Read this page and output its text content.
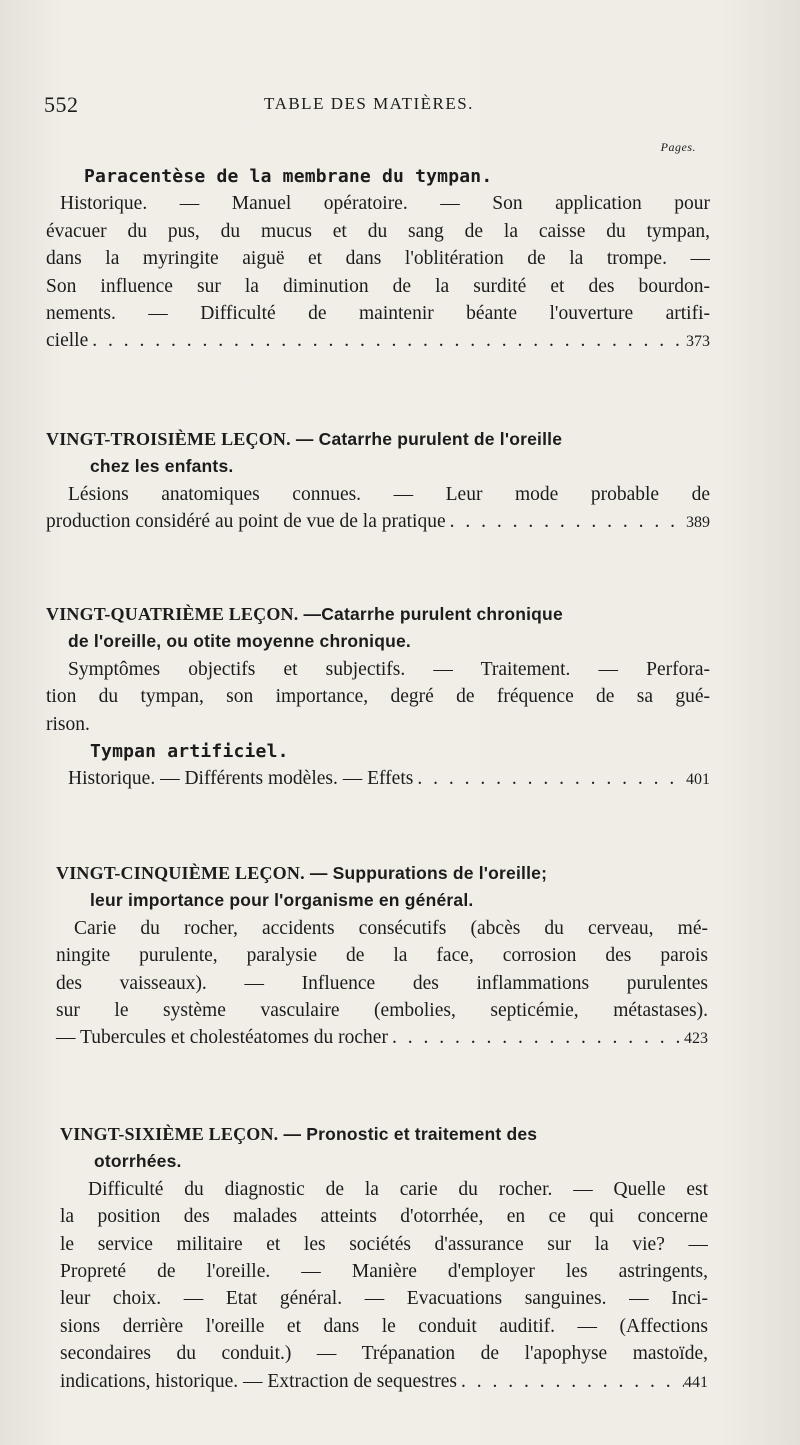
552	TABLE DES MATIÈRES.
Pages.
Paracentèse de la membrane du tympan.
Historique. — Manuel opératoire. — Son application pour
évacuer du pus, du mucus et du sang de la caisse du tympan,
dans la myringite aiguë et dans l'oblitération de la trompe. —
Son influence sur la diminution de la surdité et des bourdon-
nements. — Difficulté de maintenir béante l'ouverture artifi-
cielle . . .	373
VINGT-TROISIÈME LEÇON. — Catarrhe purulent de l'oreille
chez les enfants.
Lésions anatomiques connues. — Leur mode probable de
production considéré au point de vue de la pratique . . .	389
VINGT-QUATRIÈME LEÇON. —Catarrhe purulent chronique
de l'oreille, ou otite moyenne chronique.
Symptômes objectifs et subjectifs. — Traitement. — Perfora-
tion du tympan, son importance, degré de fréquence de sa gué-
rison.
Tympan artificiel.
Historique. — Différents modèles. — Effets . . .	401
VINGT-CINQUIÈME LEÇON. — Suppurations de l'oreille;
leur importance pour l'organisme en général.
Carie du rocher, accidents consécutifs (abcès du cerveau, mé-
ningite purulente, paralysie de la face, corrosion des parois
des vaisseaux). — Influence des inflammations purulentes
sur le système vasculaire (embolies, septicémie, métastases).
— Tubercules et cholestéatomes du rocher . . .	423
VINGT-SIXIÈME LEÇON. — Pronostic et traitement des
otorrhées.
Difficulté du diagnostic de la carie du rocher. — Quelle est
la position des malades atteints d'otorrhée, en ce qui concerne
le service militaire et les sociétés d'assurance sur la vie? —
Propreté de l'oreille. — Manière d'employer les astringents,
leur choix. — Etat général. — Evacuations sanguines. — Inci-
sions derrière l'oreille et dans le conduit auditif. — (Affections
secondaires du conduit.) — Trépanation de l'apophyse mastoïde,
indications, historique. — Extraction de sequestres . . .	441
